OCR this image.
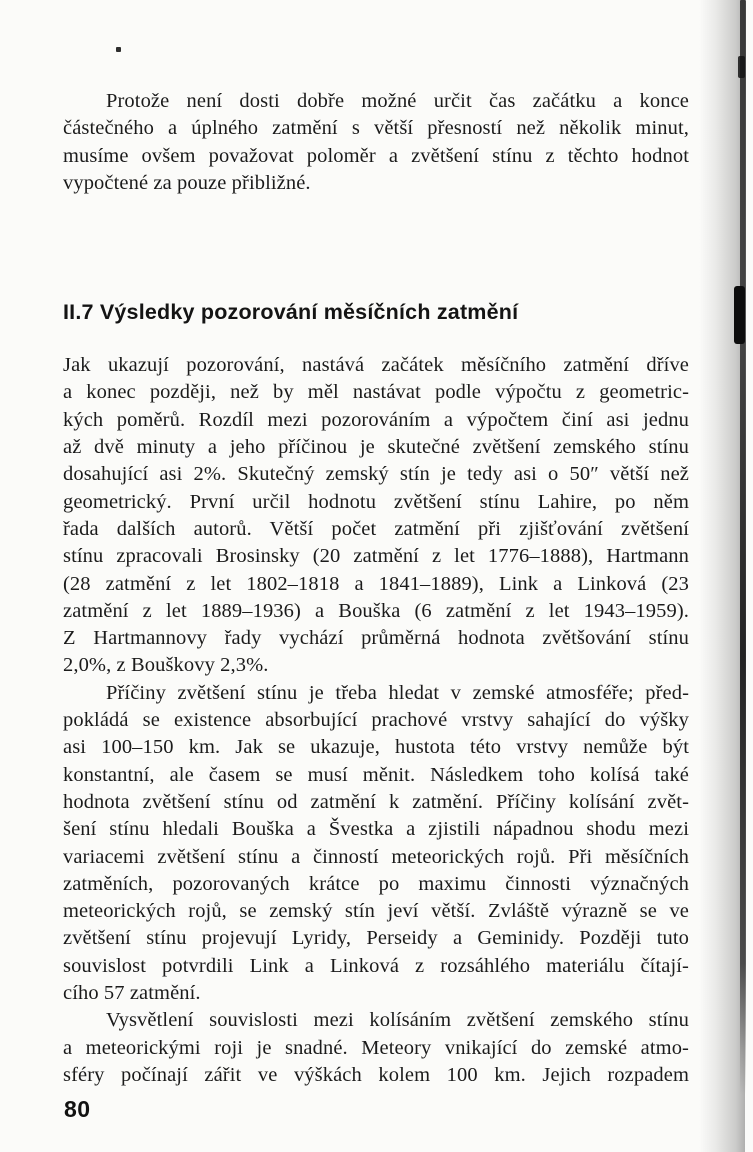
Protože není dosti dobře možné určit čas začátku a konce
částečného a úplného zatmění s větší přesností než několik minut,
musíme ovšem považovat poloměr a zvětšení stínu z těchto hodnot
vypočtené za pouze přibližné.
II.7 Výsledky pozorování měsíčních zatmění
Jak ukazují pozorování, nastává začátek měsíčního zatmění dříve
a konec později, než by měl nastávat podle výpočtu z geometric-
kých poměrů. Rozdíl mezi pozorováním a výpočtem činí asi jednu
až dvě minuty a jeho příčinou je skutečné zvětšení zemského stínu
dosahující asi 2%. Skutečný zemský stín je tedy asi o 50″ větší než
geometrický. První určil hodnotu zvětšení stínu Lahire, po něm
řada dalších autorů. Větší počet zatmění při zjišťování zvětšení
stínu zpracovali Brosinsky (20 zatmění z let 1776–1888), Hartmann
(28 zatmění z let 1802–1818 a 1841–1889), Link a Linková (23
zatmění z let 1889–1936) a Bouška (6 zatmění z let 1943–1959).
Z Hartmannovy řady vychází průměrná hodnota zvětšování stínu
2,0%, z Bouškovy 2,3%.
Příčiny zvětšení stínu je třeba hledat v zemské atmosféře; před-
pokládá se existence absorbující prachové vrstvy sahající do výšky
asi 100–150 km. Jak se ukazuje, hustota této vrstvy nemůže být
konstantní, ale časem se musí měnit. Následkem toho kolísá také
hodnota zvětšení stínu od zatmění k zatmění. Příčiny kolísání zvět-
šení stínu hledali Bouška a Švestka a zjistili nápadnou shodu mezi
variacemi zvětšení stínu a činností meteorických rojů. Při měsíčních
zatměních, pozorovaných krátce po maximu činnosti význačných
meteorických rojů, se zemský stín jeví větší. Zvláště výrazně se ve
zvětšení stínu projevují Lyridy, Perseidy a Geminidy. Později tuto
souvislost potvrdili Link a Linková z rozsáhlého materiálu čítají-
cího 57 zatmění.
Vysvětlení souvislosti mezi kolísáním zvětšení zemského stínu
a meteorickými roji je snadné. Meteory vnikající do zemské atmo-
sféry počínají zářit ve výškách kolem 100 km. Jejich rozpadem
80
